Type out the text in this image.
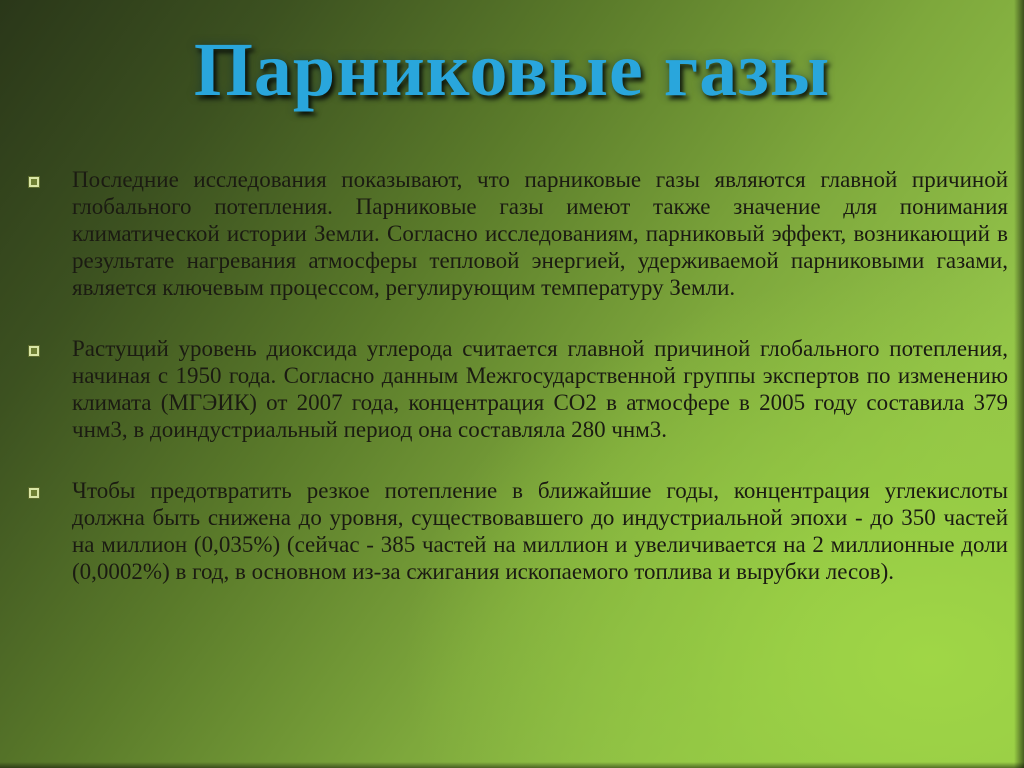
Парниковые газы

Последние исследования показывают, что парниковые газы являются главной причиной глобального потепления. Парниковые газы имеют также значение для понимания климатической истории Земли. Согласно исследованиям, парниковый эффект, возникающий в результате нагревания атмосферы тепловой энергией, удерживаемой парниковыми газами, является ключевым процессом, регулирующим температуру Земли.

Растущий уровень диоксида углерода считается главной причиной глобального потепления, начиная с 1950 года. Согласно данным Межгосударственной группы экспертов по изменению климата (МГЭИК) от 2007 года, концентрация СО2 в атмосфере в 2005 году составила 379 чнм3, в доиндустриальный период она составляла 280 чнм3.

Чтобы предотвратить резкое потепление в ближайшие годы, концентрация углекислоты должна быть снижена до уровня, существовавшего до индустриальной эпохи - до 350 частей на миллион (0,035%) (сейчас - 385 частей на миллион и увеличивается на 2 миллионные доли (0,0002%) в год, в основном из-за сжигания ископаемого топлива и вырубки лесов).
